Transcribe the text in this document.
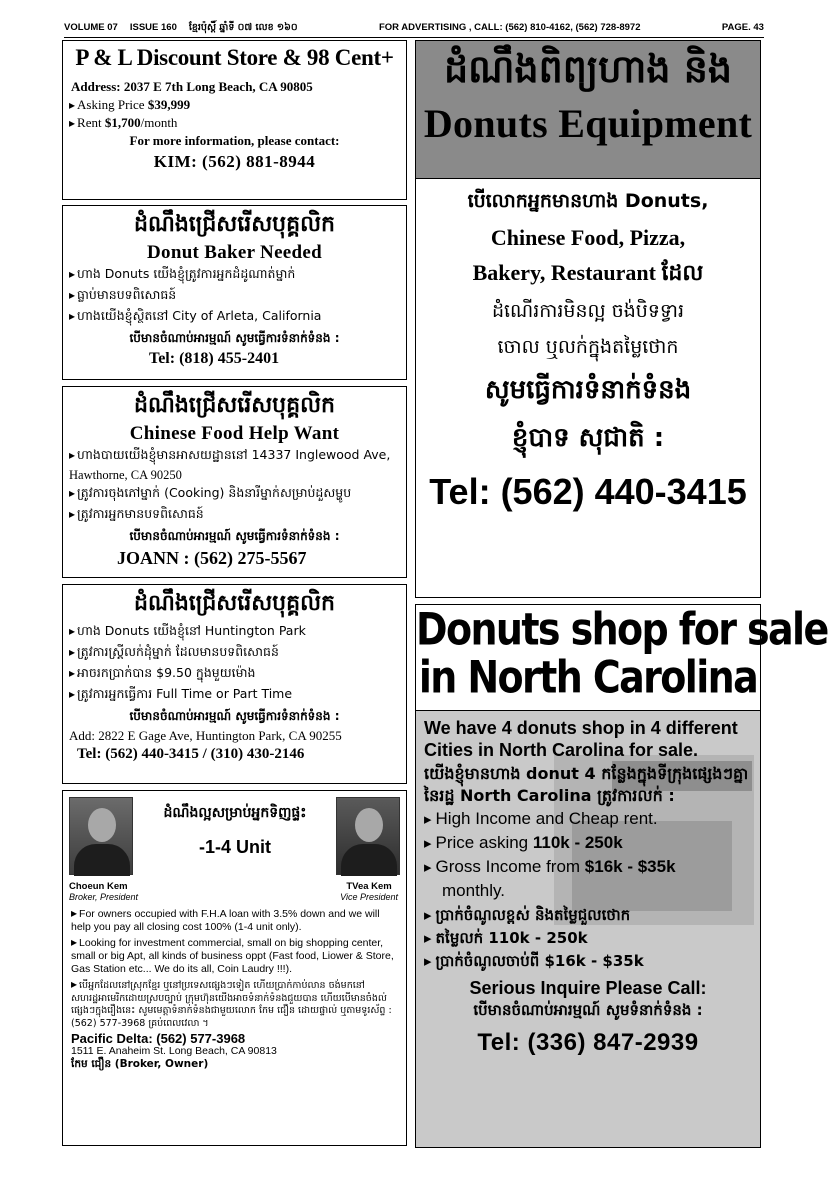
VOLUME 07 ISSUE 160 ខ្មែរប៉ុស្តិ៍ ឆ្នាំទី ០៧ លេខ ១៦០	FOR ADVERTISING , CALL: (562) 810-4162, (562) 728-8972	PAGE. 43
P & L Discount Store & 98 Cent+
Address: 2037 E 7th Long Beach, CA 90805
▸ Asking Price $39,999
▸ Rent $1,700/month
For more information, please contact:
KIM: (562) 881-8944
ដំណឹងជ្រើសរើសបុគ្គលិក
Donut Baker Needed
▸ ហាង Donuts យើងខ្ញុំត្រូវការអ្នកដំដូណាត់ម្នាក់
▸ ធ្លាប់មានបទពិសោធន៍
▸ ហាងយើងខ្ញុំស្ថិតនៅ City of Arleta, California
បើមានចំណាប់អារម្មណ៍ សូមធ្វើការទំនាក់ទំនង :
Tel: (818) 455-2401
ដំណឹងជ្រើសរើសបុគ្គលិក
Chinese Food Help Want
▸ ហាងបាយយើងខ្ញុំមានអាសយដ្ឋាននៅ 14337 Inglewood Ave,
Hawthorne, CA 90250
▸ ត្រូវការចុងភៅម្នាក់ (Cooking) និងនារីម្នាក់សម្រាប់ដួសម្ហូប
▸ ត្រូវការអ្នកមានបទពិសោធន៍
បើមានចំណាប់អារម្មណ៍ សូមធ្វើការទំនាក់ទំនង :
JOANN : (562) 275-5567
ដំណឹងជ្រើសរើសបុគ្គលិក
▸ ហាង Donuts យើងខ្ញុំនៅ Huntington Park
▸ ត្រូវការស្រ្តីលក់ដុំម្នាក់ ដែលមានបទពិសោធន៍
▸ អាចរកប្រាក់បាន $9.50 ក្នុងមួយម៉ោង
▸ ត្រូវការអ្នកធ្វើការ Full Time or Part Time
បើមានចំណាប់អារម្មណ៍ សូមធ្វើការទំនាក់ទំនង :
Add: 2822 E Gage Ave, Huntington Park, CA 90255
Tel: (562) 440-3415 / (310) 430-2146
ដំណឹងល្អសម្រាប់អ្នកទិញផ្ទះ
-1-4 Unit
Choeun Kem
Broker, President
TVea Kem
Vice President
▸ For owners occupied with F.H.A loan with 3.5% down and we will help you pay all closing cost 100% (1-4 unit only).
▸ Looking for investment commercial, small on big shopping center, small or big Apt, all kinds of business oppt (Fast food, Liower & Store, Gas Station etc... We do its all, Coin Laudry !!!).
▸ បើអ្នកដែលនៅស្រុកខ្មែរ ឬនៅប្រទេសផ្សេងៗទៀត ហើយប្រាក់កាប់លាន ចង់មកនៅសហរដ្ឋអាមេរិកដោយស្របច្បាប់ ក្រុមហ៊ុនយើងអាចទំនាក់ទំនងជួយបាន ហើយបើមានចំងល់ផ្សេងៗក្នុងរឿងនេះ សូមមេត្តាទំនាក់ទំនងជាមួយលោក កែម ជឿន ដោយផ្ទាល់ ឬតាមទូរស័ព្ទ : (562) 577-3968 គ្រប់ពេលវេលា ។
Pacific Delta: (562) 577-3968
1511 E. Anaheim St. Long Beach, CA 90813
កែម ជឿន (Broker, Owner)
ដំណឹងពិព្យហាង និង
Donuts Equipment
បើលោកអ្នកមានហាង Donuts,
Chinese Food, Pizza,
Bakery, Restaurant ដែល
ដំណើរការមិនល្អ ចង់បិទទ្វារ
ចោល ឬលក់ក្នុងតម្លៃថោក
សូមធ្វើការទំនាក់ទំនង
ខ្ញុំបាទ សុជាតិ :
Tel: (562) 440-3415
Donuts shop for sale
in North Carolina
We have 4 donuts shop in 4 different Cities in North Carolina for sale.
យើងខ្ញុំមានហាង donut 4 កន្លែងក្នុងទីក្រុងផ្សេងៗគ្នា នៃរដ្ឋ North Carolina ត្រូវការលក់ :
▸ High Income and Cheap rent.
▸ Price asking 110k - 250k
▸ Gross Income from $16k - $35k
monthly.
▸ ប្រាក់ចំណូលខ្ពស់ និងតម្លៃជួលថោក
▸ តម្លៃលក់ 110k - 250k
▸ ប្រាក់ចំណូលចាប់ពី $16k - $35k
Serious Inquire Please Call:
បើមានចំណាប់អារម្មណ៍ សូមទំនាក់ទំនង :
Tel: (336) 847-2939
